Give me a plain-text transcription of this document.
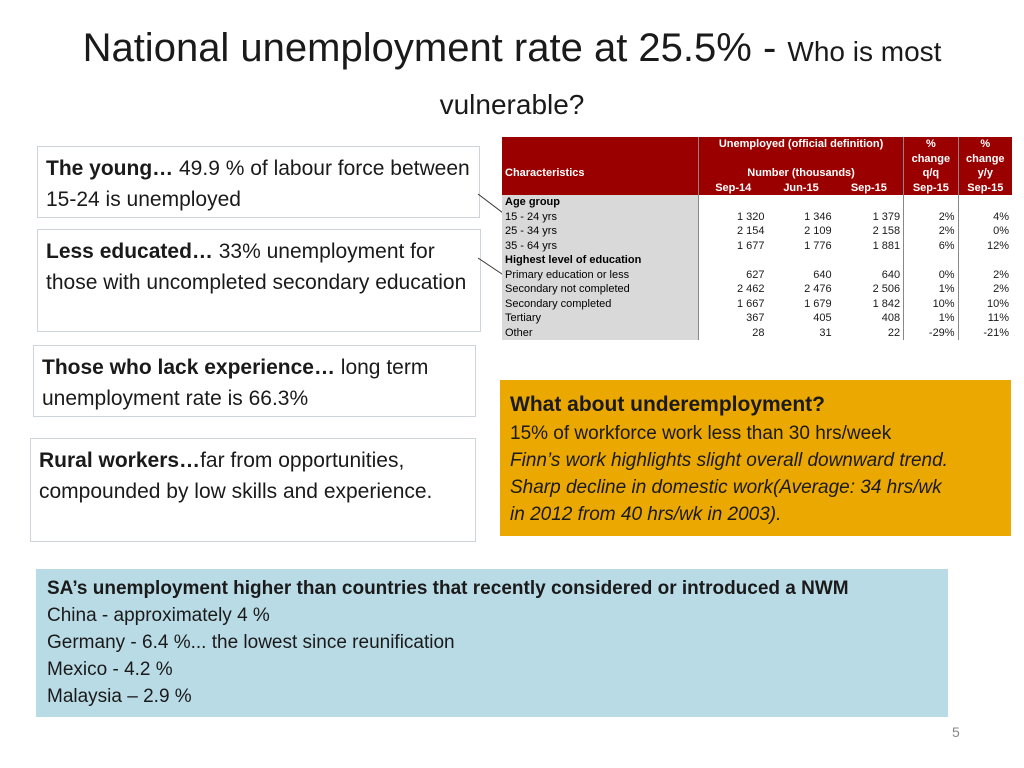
National unemployment rate at 25.5% - Who is most
vulnerable?
The young… 49.9 % of labour force between 15-24 is unemployed
Less educated… 33% unemployment for those with uncompleted secondary education
Those who lack experience… long term unemployment rate is 66.3%
Rural workers…far from opportunities, compounded by low skills and experience.
	Unemployed (official definition)			%	%
				change	change
Characteristics	Number (thousands)			q/q	y/y
	Sep-14	Jun-15	Sep-15	Sep-15	Sep-15
Age group					
15 - 24 yrs	1 320	1 346	1 379	2%	4%
25 - 34 yrs	2 154	2 109	2 158	2%	0%
35 - 64 yrs	1 677	1 776	1 881	6%	12%
Highest level of education					
Primary education or less	627	640	640	0%	2%
Secondary not completed	2 462	2 476	2 506	1%	2%
Secondary completed	1 667	1 679	1 842	10%	10%
Tertiary	367	405	408	1%	11%
Other	28	31	22	-29%	-21%
What about underemployment?
15% of workforce work less than 30 hrs/week
Finn’s work highlights slight overall downward trend.
Sharp decline in domestic work(Average: 34 hrs/wk
in 2012 from 40 hrs/wk in 2003).
SA’s unemployment higher than countries that recently considered or introduced a NWM
China - approximately 4 %
Germany - 6.4 %... the lowest since reunification
Mexico - 4.2 %
Malaysia – 2.9 %
5
